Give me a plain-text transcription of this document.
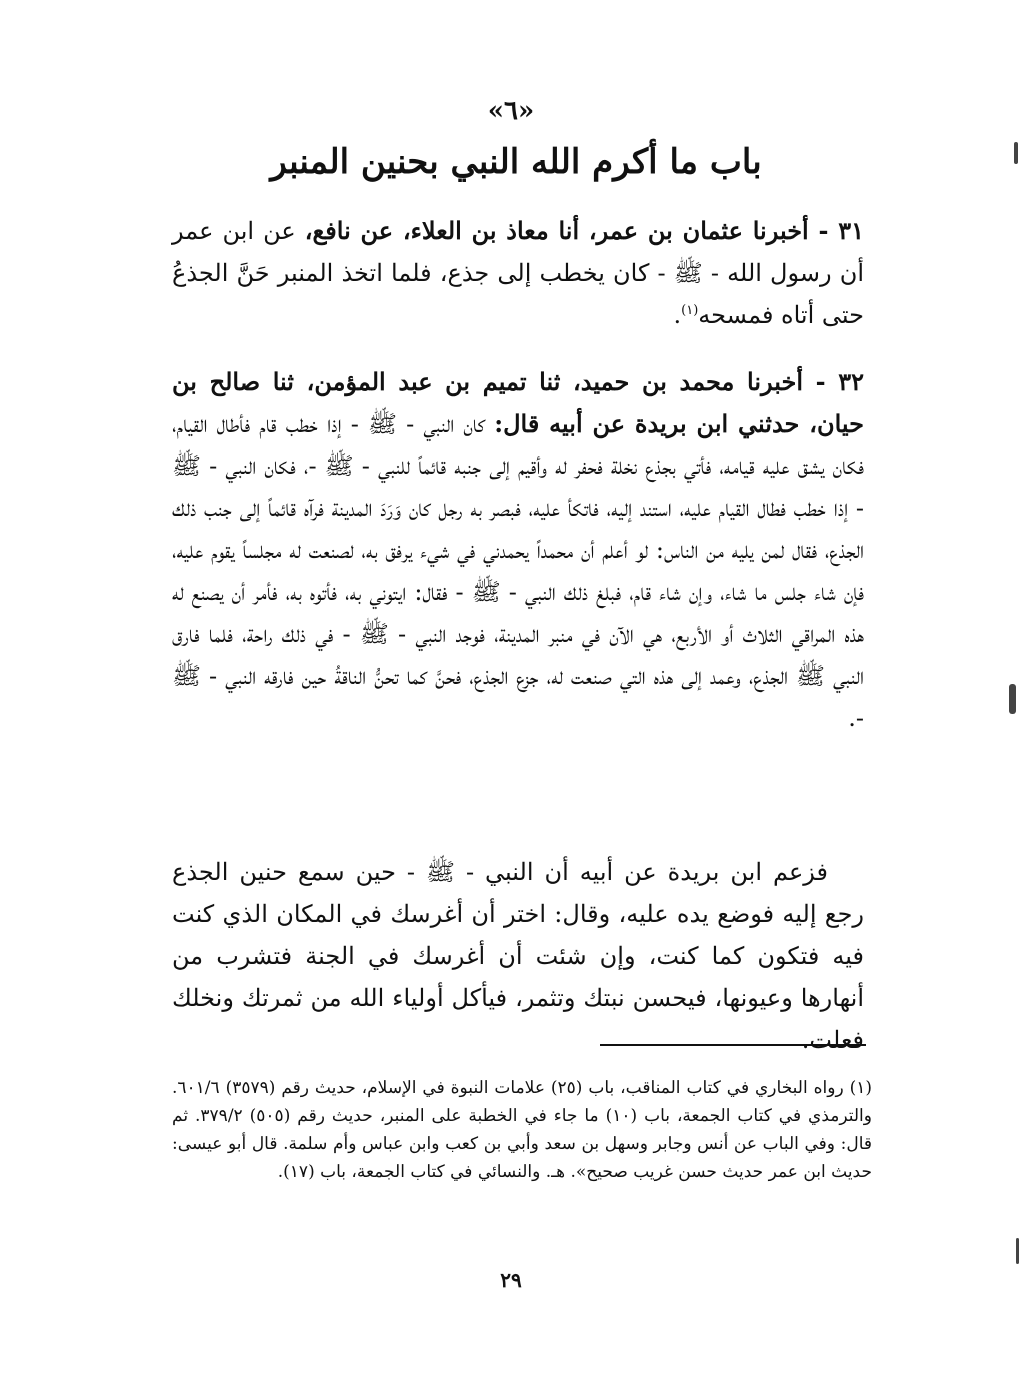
«٦»
باب ما أكرم الله النبي بحنين المنبر

٣١ - أخبرنا عثمان بن عمر، أنا معاذ بن العلاء، عن نافع، عن ابن عمر أن رسول الله - ﷺ - كان يخطب إلى جذع، فلما اتخذ المنبر حَنَّ الجذعُ حتى أتاه فمسحه$^{(١)}$.

٣٢ - أخبرنا محمد بن حميد، ثنا تميم بن عبد المؤمن، ثنا صالح بن حيان، حدثني ابن بريدة عن أبيه قال: كان النبي - ﷺ - إذا خطب قام فأطال القيام، فكان يشق عليه قيامه، فأتي بجذع نخلة فحفر له وأقيم إلى جنبه قائماً للنبي - ﷺ -، فكان النبي - ﷺ - إذا خطب فطال القيام عليه، استند إليه، فاتكأ عليه، فبصر به رجل كان وَرَدَ المدينة فرآه قائماً إلى جنب ذلك الجذع، فقال لمن يليه من الناس: لو أعلم أن محمداً يحمدني في شيء يرفق به، لصنعت له مجلساً يقوم عليه، فإن شاء جلس ما شاء، وإن شاء قام، فبلغ ذلك النبي - ﷺ - فقال: ايتوني به، فأتوه به، فأمر أن يصنع له هذه المراقي الثلاث أو الأربع، هي الآن في منبر المدينة، فوجد النبي - ﷺ - في ذلك راحة، فلما فارق النبي ﷺ الجذع، وعمد إلى هذه التي صنعت له، جزع الجذع، فحنَّ كما تحنُّ الناقةُ حين فارقه النبي - ﷺ -.

فزعم ابن بريدة عن أبيه أن النبي - ﷺ - حين سمع حنين الجذع رجع إليه فوضع يده عليه، وقال: اختر أن أغرسك في المكان الذي كنت فيه فتكون كما كنت، وإن شئت أن أغرسك في الجنة فتشرب من أنهارها وعيونها، فيحسن نبتك وتثمر، فيأكل أولياء الله من ثمرتك ونخلك فعلت.

(١) رواه البخاري في كتاب المناقب، باب (٢٥) علامات النبوة في الإسلام، حديث رقم (٣٥٧٩) ٦٠١/٦. والترمذي في كتاب الجمعة، باب (١٠) ما جاء في الخطبة على المنبر، حديث رقم (٥٠٥) ٣٧٩/٢. ثم قال: وفي الباب عن أنس وجابر وسهل بن سعد وأبي بن كعب وابن عباس وأم سلمة. قال أبو عيسى: حديث ابن عمر حديث حسن غريب صحيح». هـ. والنسائي في كتاب الجمعة، باب (١٧).

٢٩
